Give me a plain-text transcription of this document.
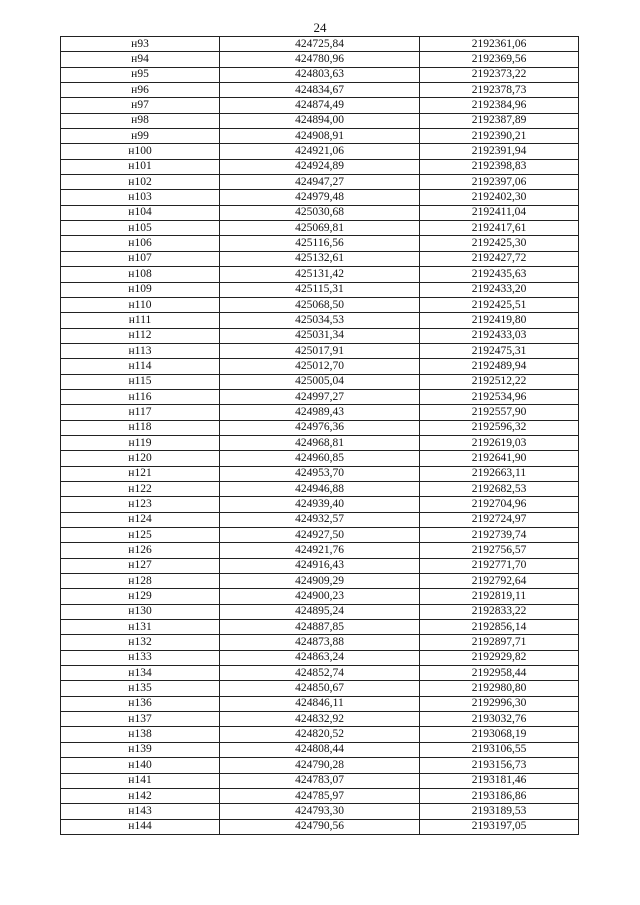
24
н93	424725,84	2192361,06
н94	424780,96	2192369,56
н95	424803,63	2192373,22
н96	424834,67	2192378,73
н97	424874,49	2192384,96
н98	424894,00	2192387,89
н99	424908,91	2192390,21
н100	424921,06	2192391,94
н101	424924,89	2192398,83
н102	424947,27	2192397,06
н103	424979,48	2192402,30
н104	425030,68	2192411,04
н105	425069,81	2192417,61
н106	425116,56	2192425,30
н107	425132,61	2192427,72
н108	425131,42	2192435,63
н109	425115,31	2192433,20
н110	425068,50	2192425,51
н111	425034,53	2192419,80
н112	425031,34	2192433,03
н113	425017,91	2192475,31
н114	425012,70	2192489,94
н115	425005,04	2192512,22
н116	424997,27	2192534,96
н117	424989,43	2192557,90
н118	424976,36	2192596,32
н119	424968,81	2192619,03
н120	424960,85	2192641,90
н121	424953,70	2192663,11
н122	424946,88	2192682,53
н123	424939,40	2192704,96
н124	424932,57	2192724,97
н125	424927,50	2192739,74
н126	424921,76	2192756,57
н127	424916,43	2192771,70
н128	424909,29	2192792,64
н129	424900,23	2192819,11
н130	424895,24	2192833,22
н131	424887,85	2192856,14
н132	424873,88	2192897,71
н133	424863,24	2192929,82
н134	424852,74	2192958,44
н135	424850,67	2192980,80
н136	424846,11	2192996,30
н137	424832,92	2193032,76
н138	424820,52	2193068,19
н139	424808,44	2193106,55
н140	424790,28	2193156,73
н141	424783,07	2193181,46
н142	424785,97	2193186,86
н143	424793,30	2193189,53
н144	424790,56	2193197,05
